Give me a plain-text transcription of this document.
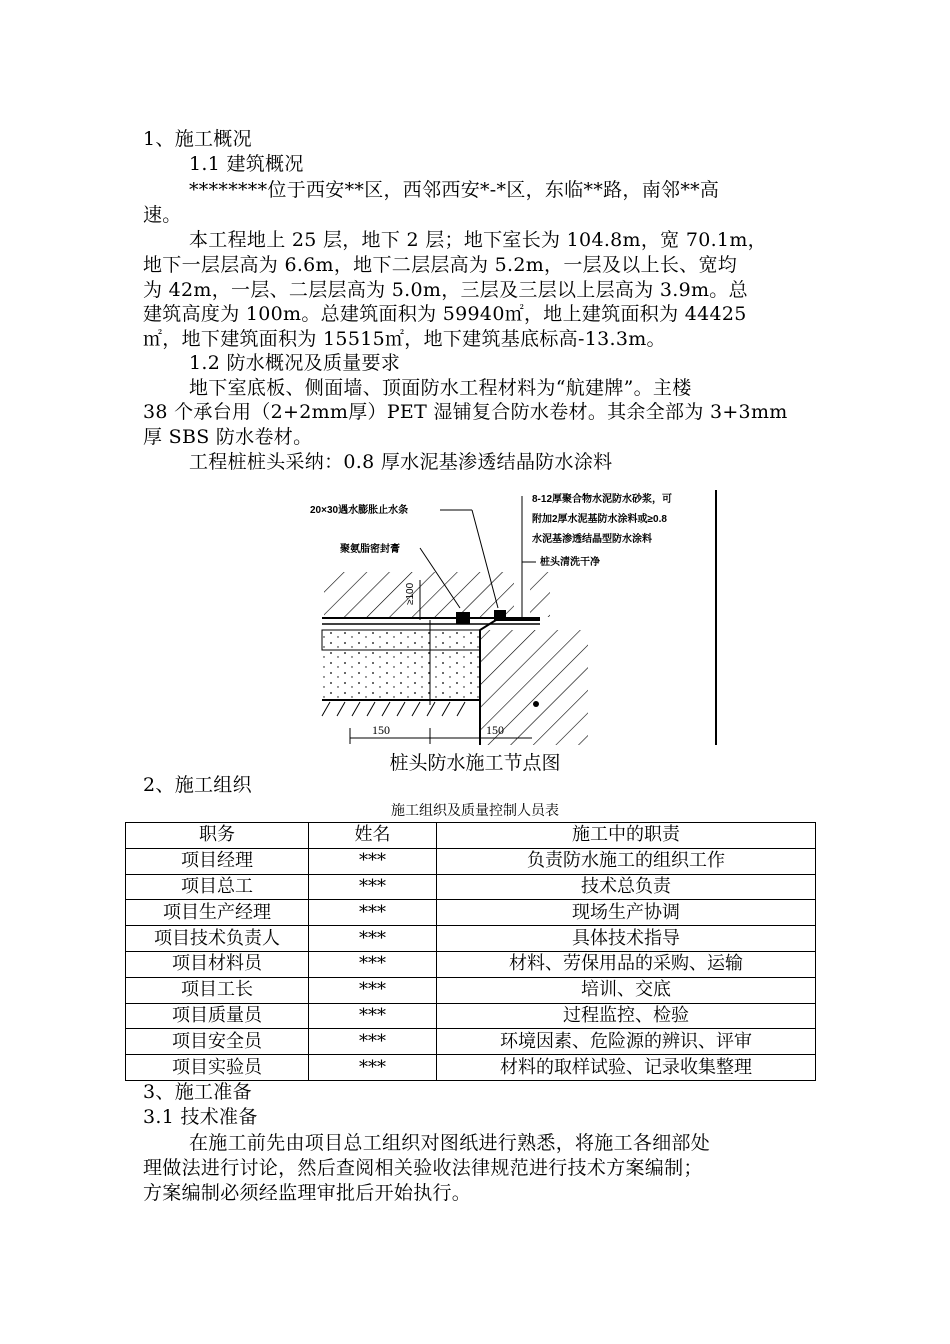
1、施工概况
1.1 建筑概况
********位于西安**区，西邻西安*-*区，东临**路，南邻**高
速。
本工程地上 25 层，地下 2 层；地下室长为 104.8m，宽 70.1m，
地下一层层高为 6.6m，地下二层层高为 5.2m，一层及以上长、宽均
为 42m，一层、二层层高为 5.0m，三层及三层以上层高为 3.9m。总
建筑高度为 100m。总建筑面积为 59940㎡，地上建筑面积为 44425
㎡，地下建筑面积为 15515㎡，地下建筑基底标高-13.3m。
1.2 防水概况及质量要求
地下室底板、侧面墙、顶面防水工程材料为“航建牌”。主楼
38 个承台用（2+2mm厚）PET 湿铺复合防水卷材。其余全部为 3+3mm
厚 SBS 防水卷材。
工程桩桩头采纳：0.8 厚水泥基渗透结晶防水涂料
≥100
20×30遇水膨胀止水条
聚氨脂密封膏
8-12厚聚合物水泥防水砂浆，可
附加2厚水泥基防水涂料或≥0.8
水泥基渗透结晶型防水涂料
桩头清洗干净
150	150
桩头防水施工节点图
2、施工组织
施工组织及质量控制人员表
职务	姓名	施工中的职责
项目经理	***	负责防水施工的组织工作
项目总工	***	技术总负责
项目生产经理	***	现场生产协调
项目技术负责人	***	具体技术指导
项目材料员	***	材料、劳保用品的采购、运输
项目工长	***	培训、交底
项目质量员	***	过程监控、检验
项目安全员	***	环境因素、危险源的辨识、评审
项目实验员	***	材料的取样试验、记录收集整理
3、施工准备
3.1 技术准备
在施工前先由项目总工组织对图纸进行熟悉，将施工各细部处
理做法进行讨论，然后查阅相关验收法律规范进行技术方案编制；
方案编制必须经监理审批后开始执行。
